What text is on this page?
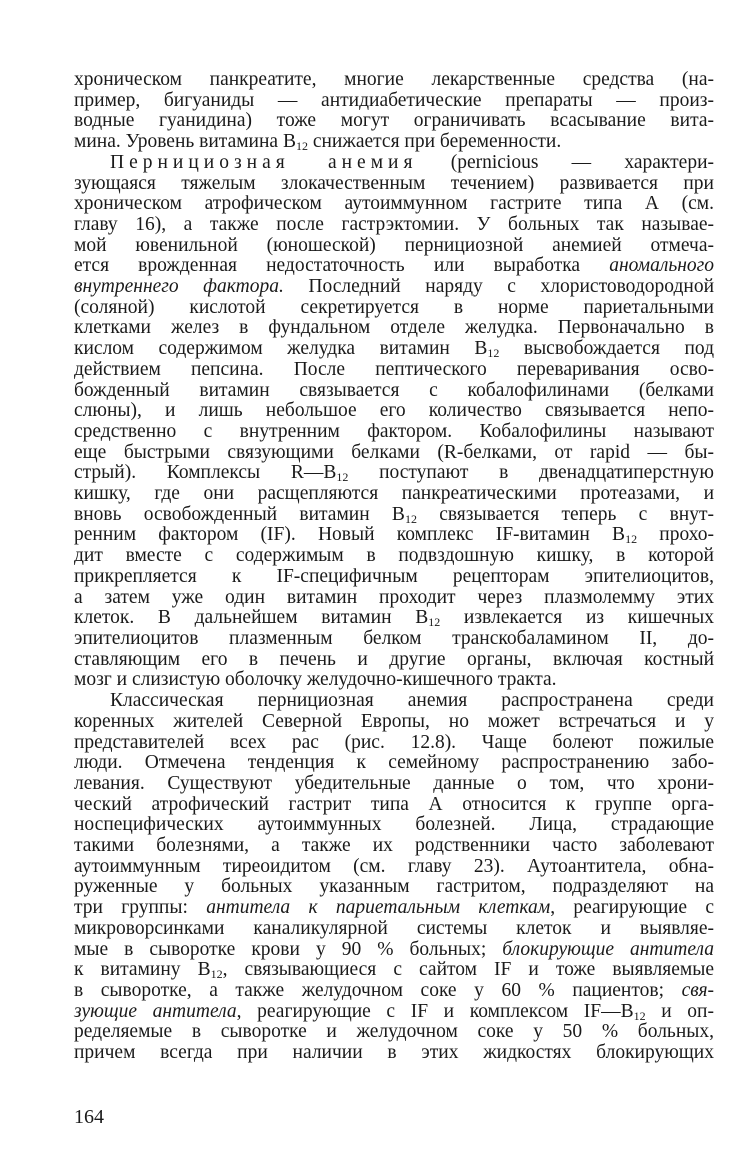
хроническом панкреатите, многие лекарственные средства (на-
пример, бигуаниды — антидиабетические препараты — произ-
водные гуанидина) тоже могут ограничивать всасывание вита-
мина. Уровень витамина $В_{12}$ снижается при беременности.
Пернициозная анемия (pernicious — характери-
зующаяся тяжелым злокачественным течением) развивается при
хроническом атрофическом аутоиммунном гастрите типа А (см.
главу 16), а также после гастрэктомии. У больных так называе-
мой ювенильной (юношеской) пернициозной анемией отмеча-
ется врожденная недостаточность или выработка аномального
внутреннего фактора. Последний наряду с хлористоводородной
(соляной) кислотой секретируется в норме париетальными
клетками желез в фундальном отделе желудка. Первоначально в
кислом содержимом желудка витамин $В_{12}$ высвобождается под
действием пепсина. После пептического переваривания осво-
божденный витамин связывается с кобалофилинами (белками
слюны), и лишь небольшое его количество связывается непо-
средственно с внутренним фактором. Кобалофилины называют
еще быстрыми связующими белками (R-белками, от rapid — бы-
стрый). Комплексы $R—В_{12}$ поступают в двенадцатиперстную
кишку, где они расщепляются панкреатическими протеазами, и
вновь освобожденный витамин $В_{12}$ связывается теперь с внут-
ренним фактором (IF). Новый комплекс IF-витамин $В_{12}$ прохо-
дит вместе с содержимым в подвздошную кишку, в которой
прикрепляется к IF-специфичным рецепторам эпителиоцитов,
а затем уже один витамин проходит через плазмолемму этих
клеток. В дальнейшем витамин $В_{12}$ извлекается из кишечных
эпителиоцитов плазменным белком транскобаламином II, до-
ставляющим его в печень и другие органы, включая костный
мозг и слизистую оболочку желудочно-кишечного тракта.
Классическая пернициозная анемия распространена среди
коренных жителей Северной Европы, но может встречаться и у
представителей всех рас (рис. 12.8). Чаще болеют пожилые
люди. Отмечена тенденция к семейному распространению забо-
левания. Существуют убедительные данные о том, что хрони-
ческий атрофический гастрит типа А относится к группе орга-
носпецифических аутоиммунных болезней. Лица, страдающие
такими болезнями, а также их родственники часто заболевают
аутоиммунным тиреоидитом (см. главу 23). Аутоантитела, обна-
руженные у больных указанным гастритом, подразделяют на
три группы: антитела к париетальным клеткам, реагирующие с
микроворсинками каналикулярной системы клеток и выявляе-
мые в сыворотке крови у 90 % больных; блокирующие антитела
к витамину $В_{12}$, связывающиеся с сайтом IF и тоже выявляемые
в сыворотке, а также желудочном соке у 60 % пациентов; свя-
зующие антитела, реагирующие с IF и комплексом $IF—В_{12}$ и оп-
ределяемые в сыворотке и желудочном соке у 50 % больных,
причем всегда при наличии в этих жидкостях блокирующих
164
